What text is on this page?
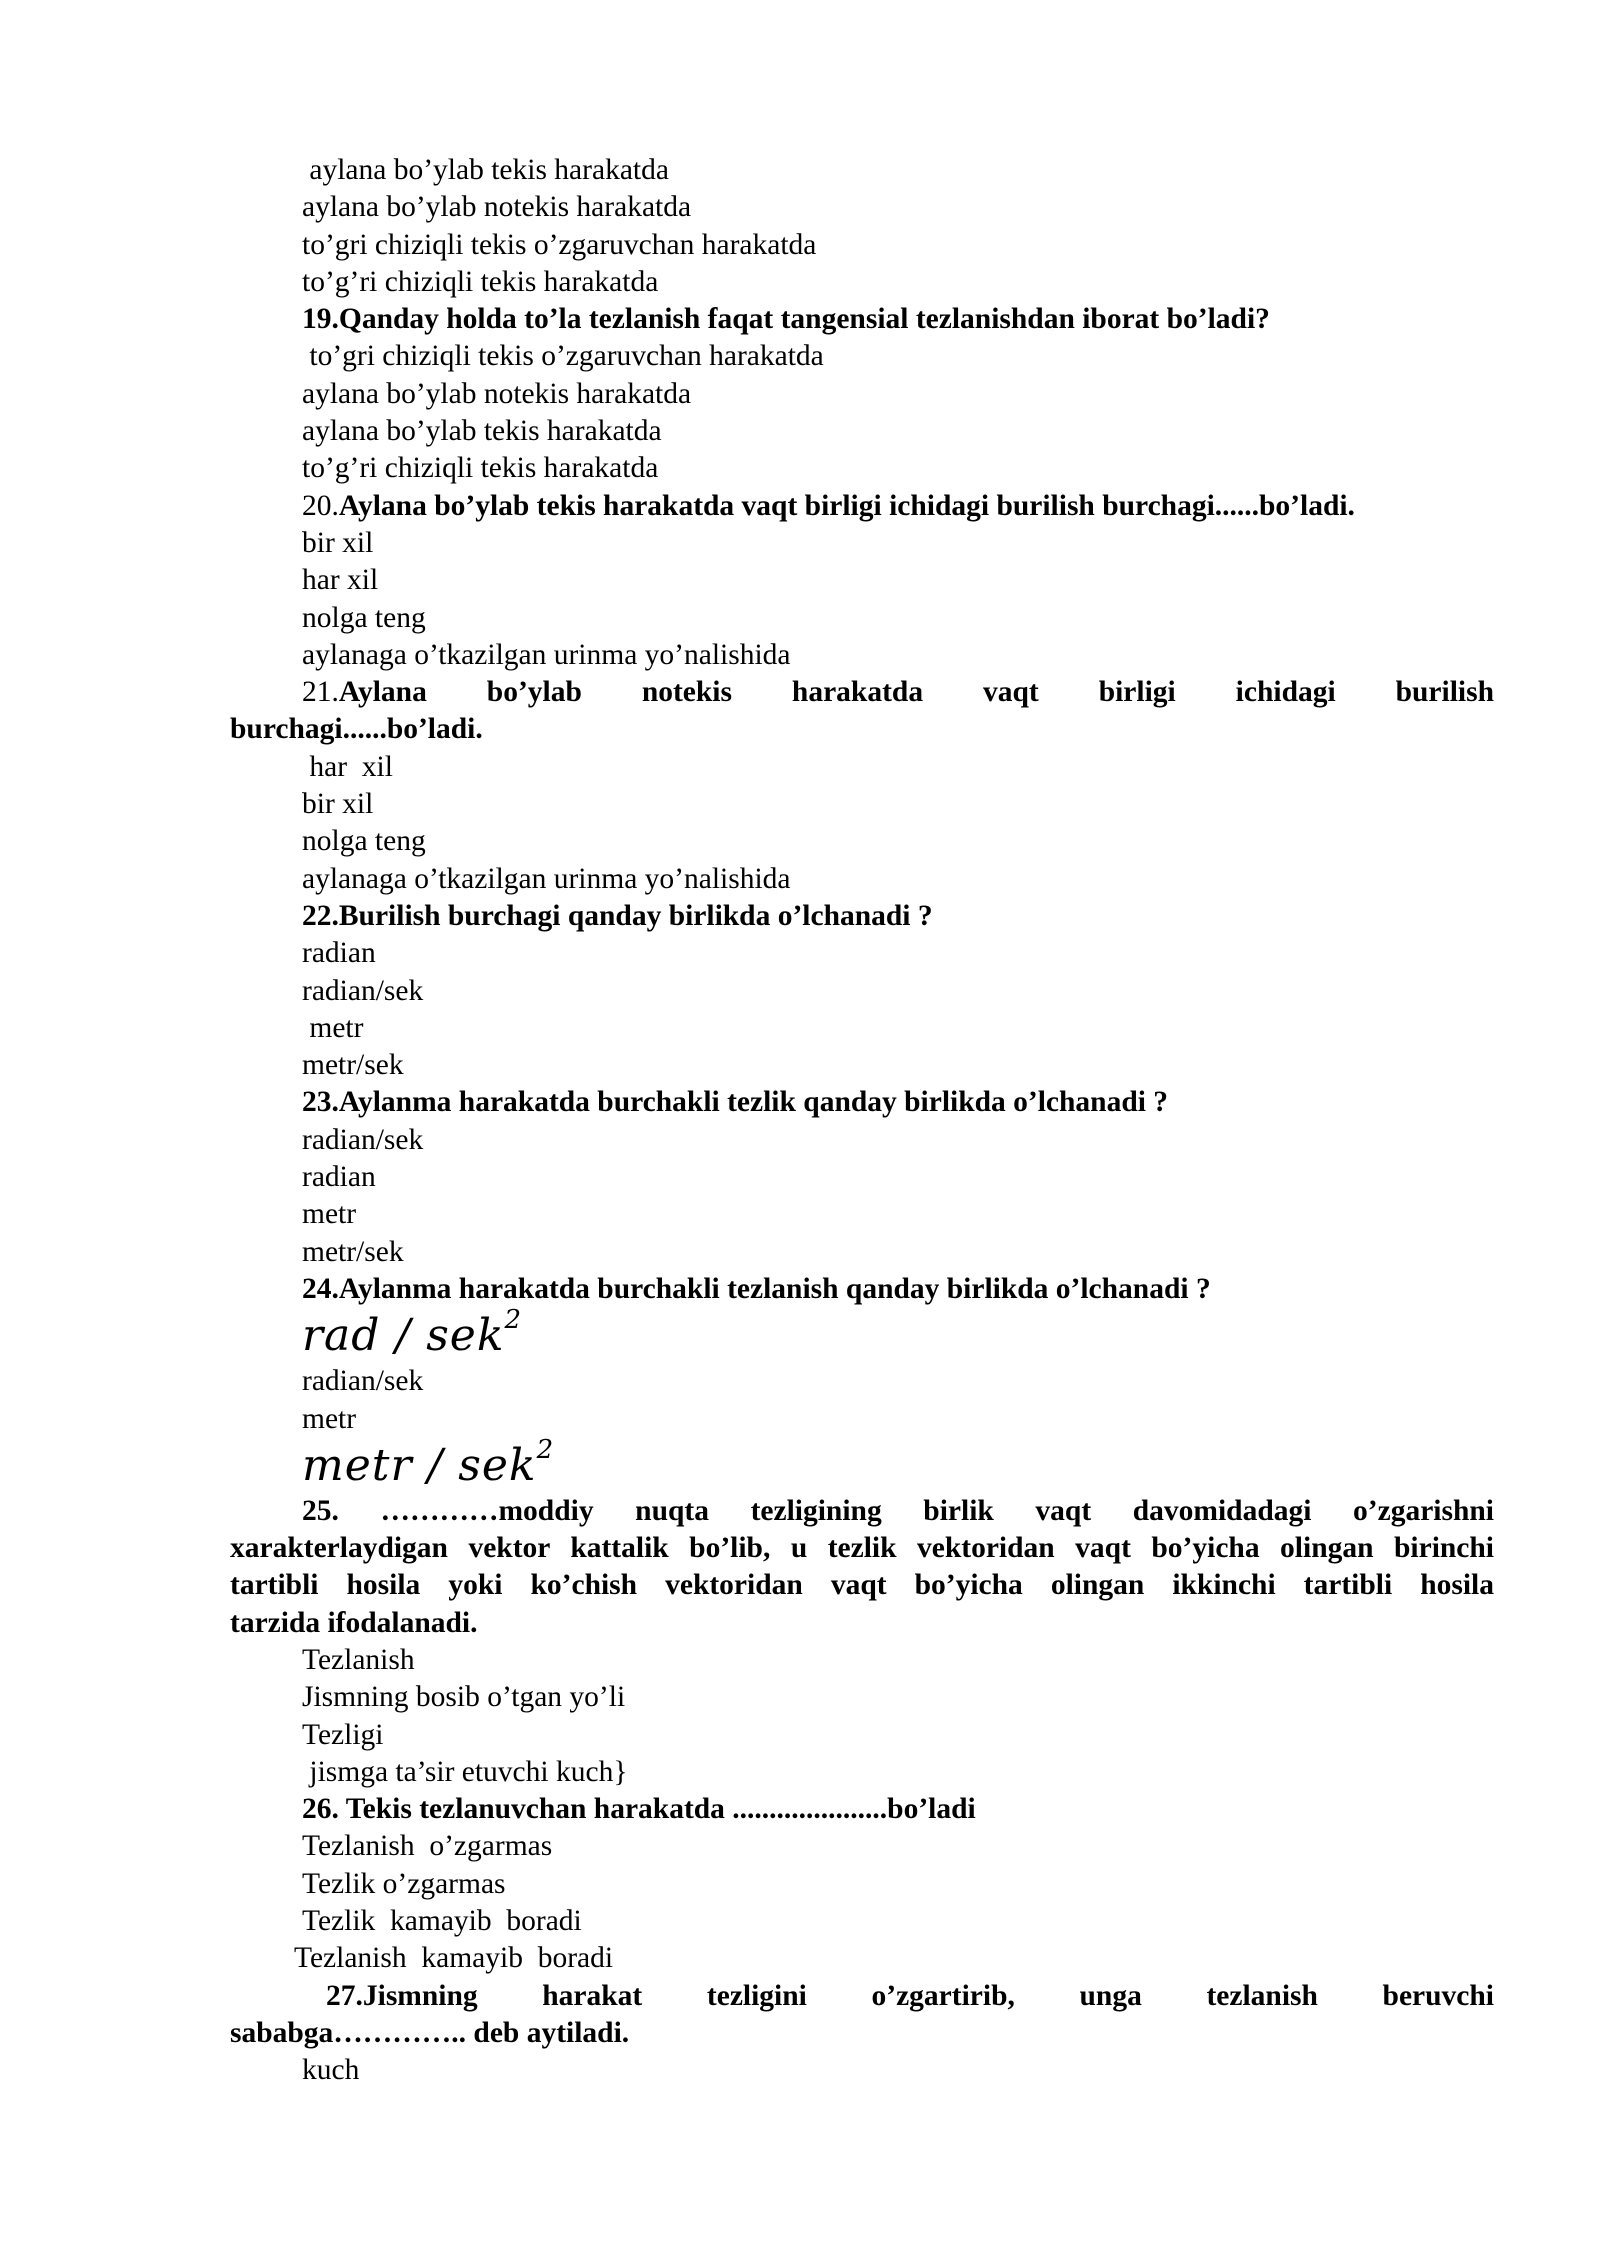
aylana bo’ylab tekis harakatda
aylana bo’ylab notekis harakatda
to’gri chiziqli tekis o’zgaruvchan harakatda
to’g’ri chiziqli tekis harakatda
19.Qanday holda to’la tezlanish faqat tangensial tezlanishdan iborat bo’ladi?
to’gri chiziqli tekis o’zgaruvchan harakatda
aylana bo’ylab notekis harakatda
aylana bo’ylab tekis harakatda
to’g’ri chiziqli tekis harakatda
20.Aylana bo’ylab tekis harakatda vaqt birligi ichidagi burilish burchagi......bo’ladi.
bir xil
har xil
nolga teng
aylanaga o’tkazilgan urinma yo’nalishida
21.Aylana bo’ylab notekis harakatda vaqt birligi ichidagi burilish
burchagi......bo’ladi.
har  xil
bir xil
nolga teng
aylanaga o’tkazilgan urinma yo’nalishida
22.Burilish burchagi qanday birlikda o’lchanadi ?
radian
radian/sek
metr
metr/sek
23.Aylanma harakatda burchakli tezlik qanday birlikda o’lchanadi ?
radian/sek
radian
metr
metr/sek
24.Aylanma harakatda burchakli tezlanish qanday birlikda o’lchanadi ?
rad / sek$^2$
radian/sek
metr
metr / sek$^2$
25. …………moddiy nuqta tezligining birlik vaqt davomidadagi o’zgarishni
xarakterlaydigan vektor kattalik bo’lib, u tezlik vektoridan vaqt bo’yicha olingan birinchi
tartibli hosila yoki ko’chish vektoridan vaqt bo’yicha olingan ikkinchi tartibli hosila
tarzida ifodalanadi.
Tezlanish
Jismning bosib o’tgan yo’li
Tezligi
jismga ta’sir etuvchi kuch}
26. Tekis tezlanuvchan harakatda .....................bo’ladi
Tezlanish  o’zgarmas
Tezlik o’zgarmas
Tezlik  kamayib  boradi
Tezlanish  kamayib  boradi
27.Jismning harakat tezligini o’zgartirib, unga tezlanish beruvchi
sababga………….. deb aytiladi.
kuch
